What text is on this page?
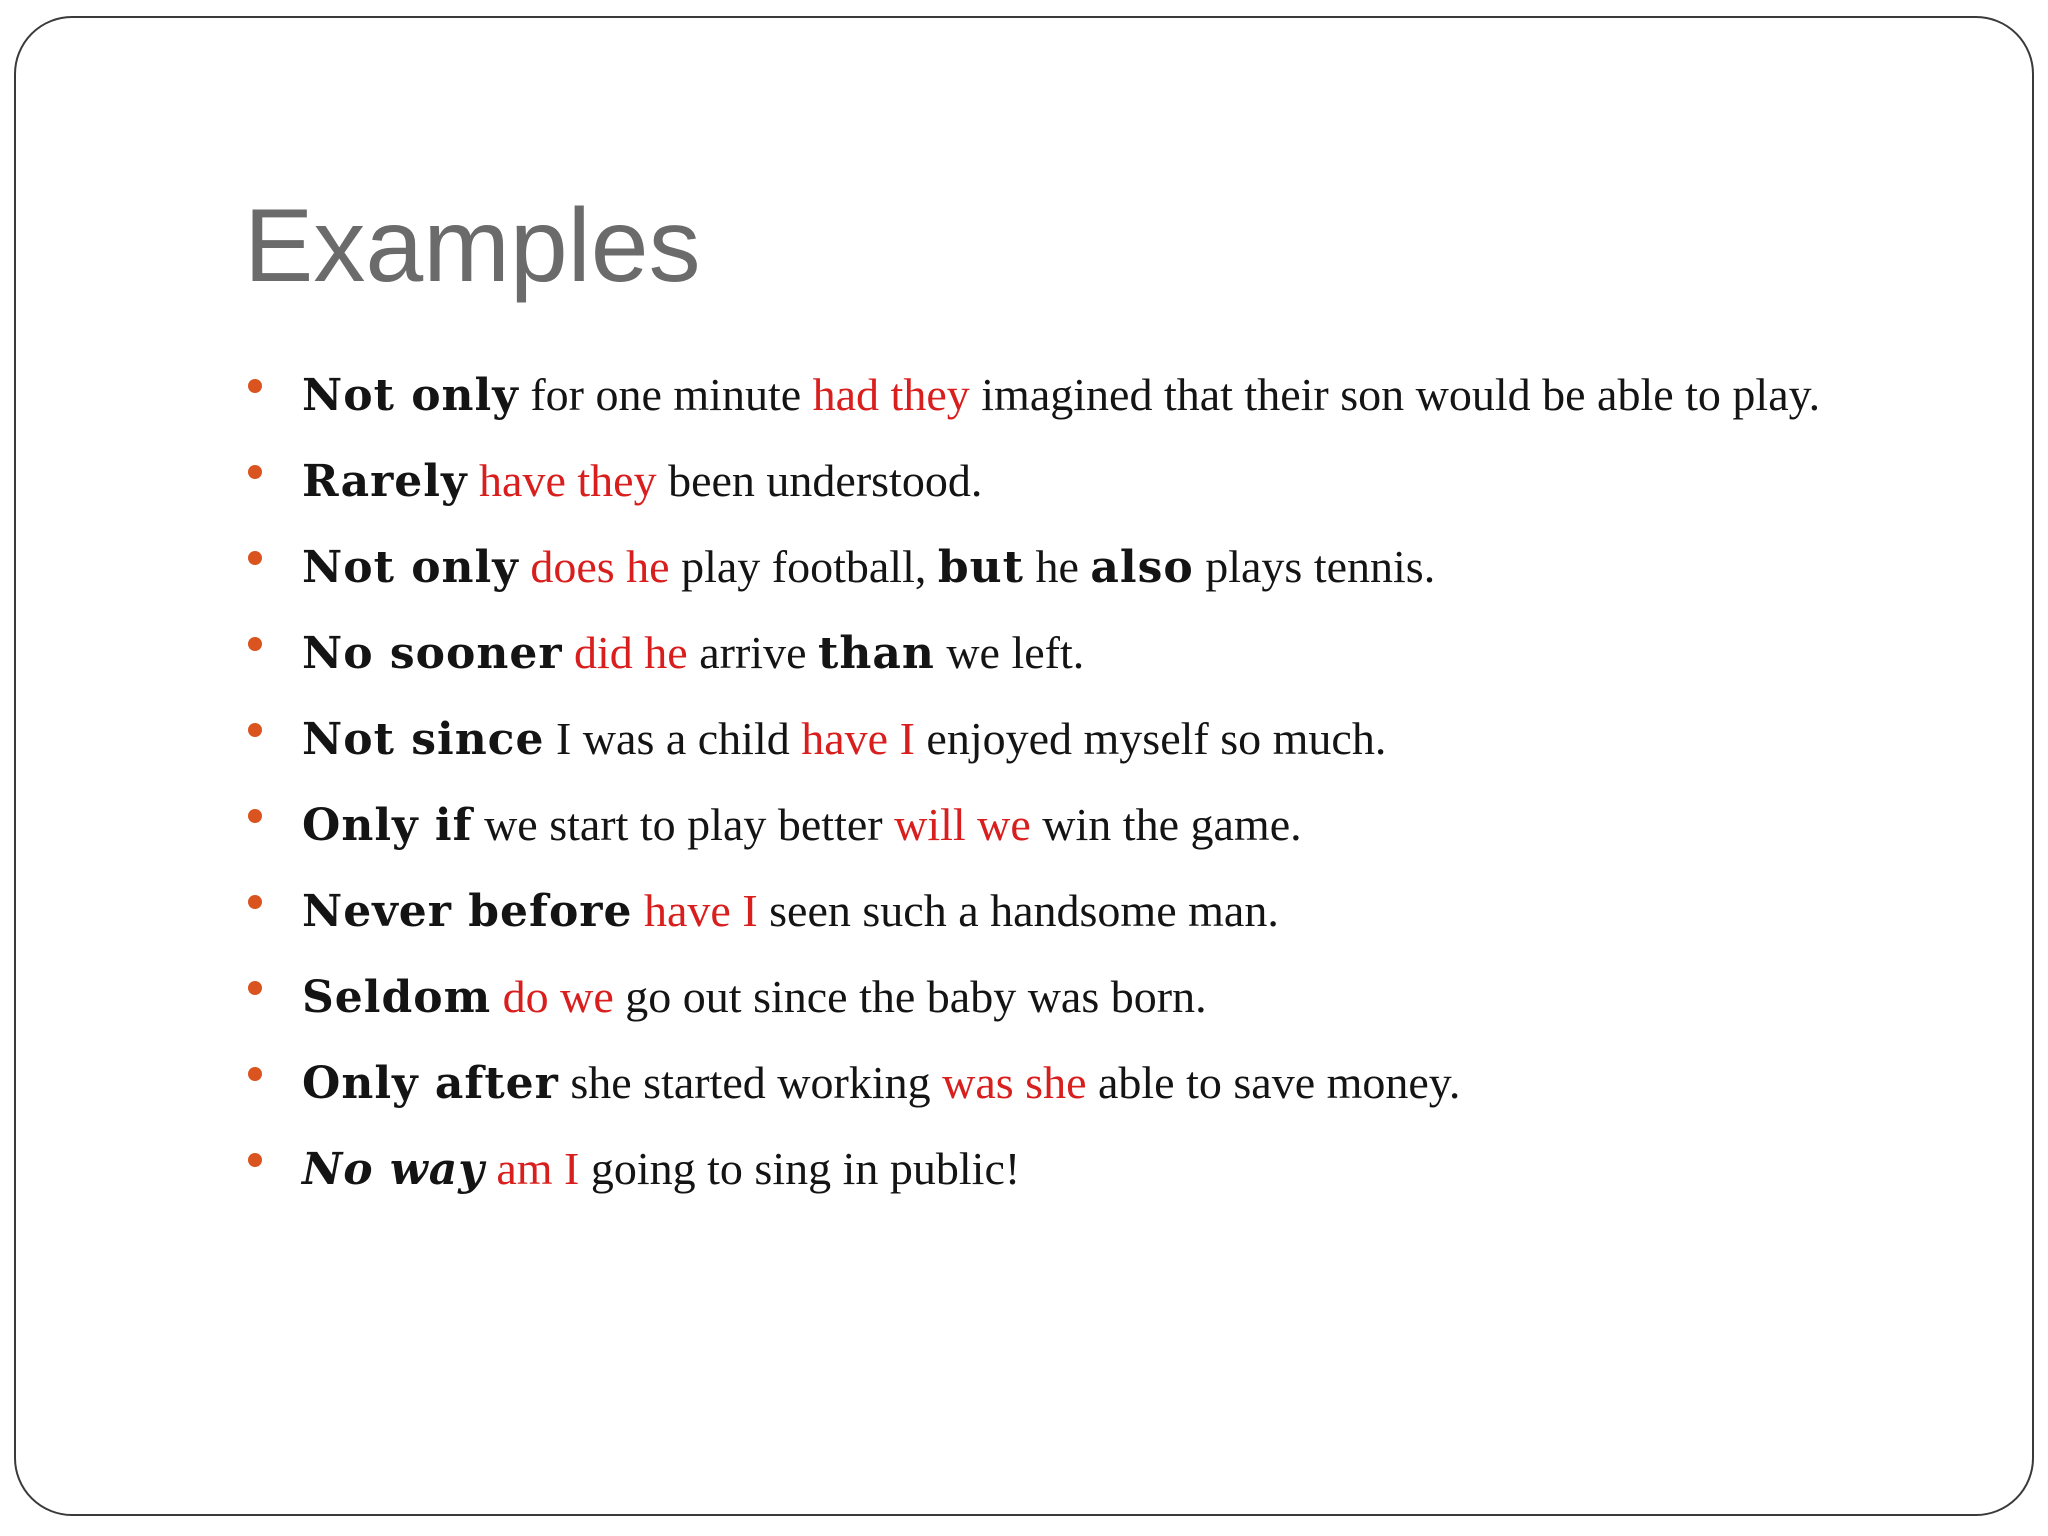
Examples
Not only for one minute had they imagined that their son would be able to play.
Rarely have they been understood.
Not only does he play football, but he also plays tennis.
No sooner did he arrive than we left.
Not since I was a child have I enjoyed myself so much.
Only if we start to play better will we win the game.
Never before have I seen such a handsome man.
Seldom do we go out since the baby was born.
Only after she started working was she able to save money.
No way am I going to sing in public!
